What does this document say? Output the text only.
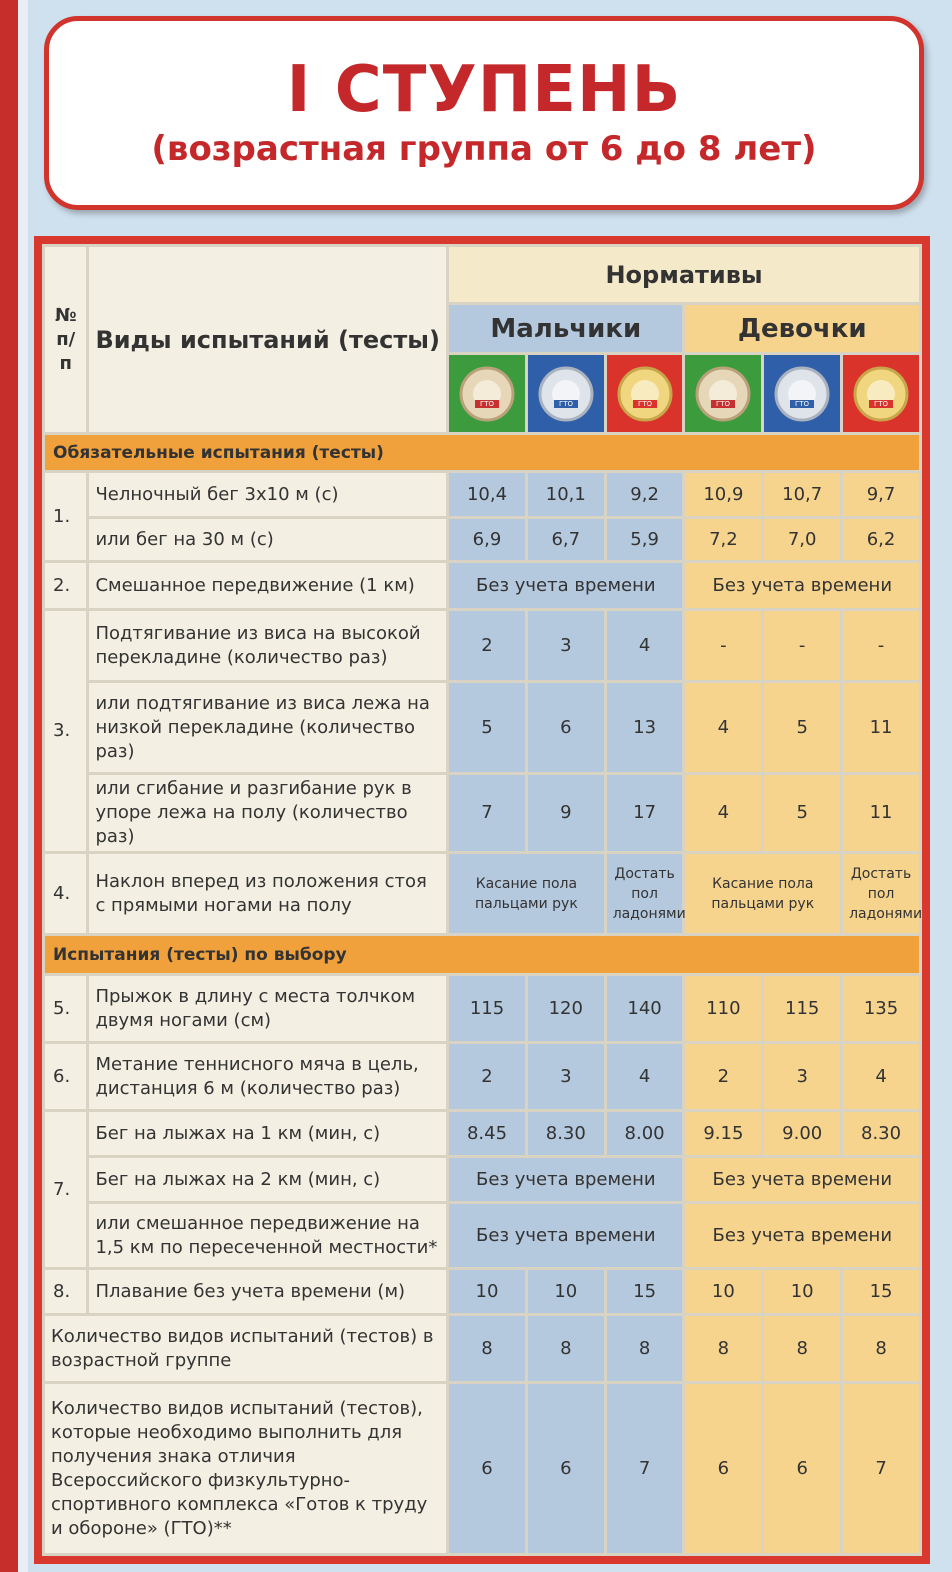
I СТУПЕНЬ
(возрастная группа от 6 до 8 лет)
№ п/п	Виды испытаний (тесты)	Нормативы					
		Мальчики			Девочки		

ГТО	ГТО	ГТО	ГТО	ГТО	ГТО

Обязательные испытания (тесты)							
1.	Челночный бег 3х10 м (с)	10,4	10,1	9,2	10,9	10,7	9,7
	или бег на 30 м (с)	6,9	6,7	5,9	7,2	7,0	6,2
2.	Смешанное передвижение (1 км)	Без учета времени			Без учета времени		
3.	Подтягивание из виса на высокой перекладине (количество раз)	2	3	4	-	-	-
	или подтягивание из виса лежа на низкой перекладине (количество раз)	5	6	13	4	5	11
	или сгибание и разгибание рук в упоре лежа на полу (количество раз)	7	9	17	4	5	11
4.	Наклон вперед из положения стоя с прямыми ногами на полу	Касание пола пальцами рук		Достать пол ладонями	Касание пола пальцами рук		Достать пол ладонями
Испытания (тесты) по выбору							
5.	Прыжок в длину с места толчком двумя ногами (см)	115	120	140	110	115	135
6.	Метание теннисного мяча в цель, дистанция 6 м (количество раз)	2	3	4	2	3	4
7.	Бег на лыжах на 1 км (мин, с)	8.45	8.30	8.00	9.15	9.00	8.30
	Бег на лыжах на 2 км (мин, с)	Без учета времени			Без учета времени		
	или смешанное передвижение на 1,5 км по пересеченной местности*	Без учета времени			Без учета времени		
8.	Плавание без учета времени (м)	10	10	15	10	10	15
Количество видов испытаний (тестов) в возрастной группе		8	8	8	8	8	8
Количество видов испытаний (тестов), которые необходимо выполнить для получения знака отличия Всероссийского физкультурно-спортивного комплекса «Готов к труду и обороне» (ГТО)**		6	6	7	6	6	7
